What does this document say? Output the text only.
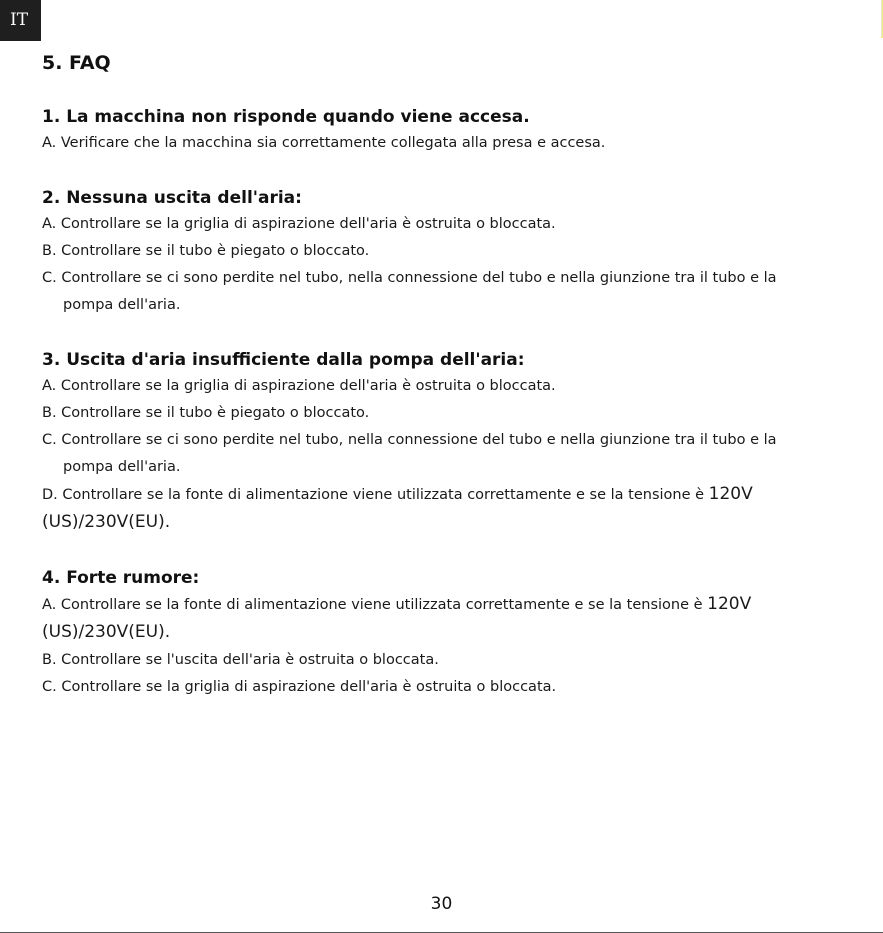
IT
5. FAQ
1. La macchina non risponde quando viene accesa.

A. Verificare che la macchina sia correttamente collegata alla presa e accesa.

2. Nessuna uscita dell'aria:

A. Controllare se la griglia di aspirazione dell'aria è ostruita o bloccata.

B. Controllare se il tubo è piegato o bloccato.

C. Controllare se ci sono perdite nel tubo, nella connessione del tubo e nella giunzione tra il tubo e la

pompa dell'aria.

3. Uscita d'aria insufficiente dalla pompa dell'aria:

A. Controllare se la griglia di aspirazione dell'aria è ostruita o bloccata.

B. Controllare se il tubo è piegato o bloccato.

C. Controllare se ci sono perdite nel tubo, nella connessione del tubo e nella giunzione tra il tubo e la

pompa dell'aria.

D. Controllare se la fonte di alimentazione viene utilizzata correttamente e se la tensione è 120V (US)/230V(EU).

4. Forte rumore:

A. Controllare se la fonte di alimentazione viene utilizzata correttamente e se la tensione è 120V (US)/230V(EU).

B. Controllare se l'uscita dell'aria è ostruita o bloccata.

C. Controllare se la griglia di aspirazione dell'aria è ostruita o bloccata.

30
